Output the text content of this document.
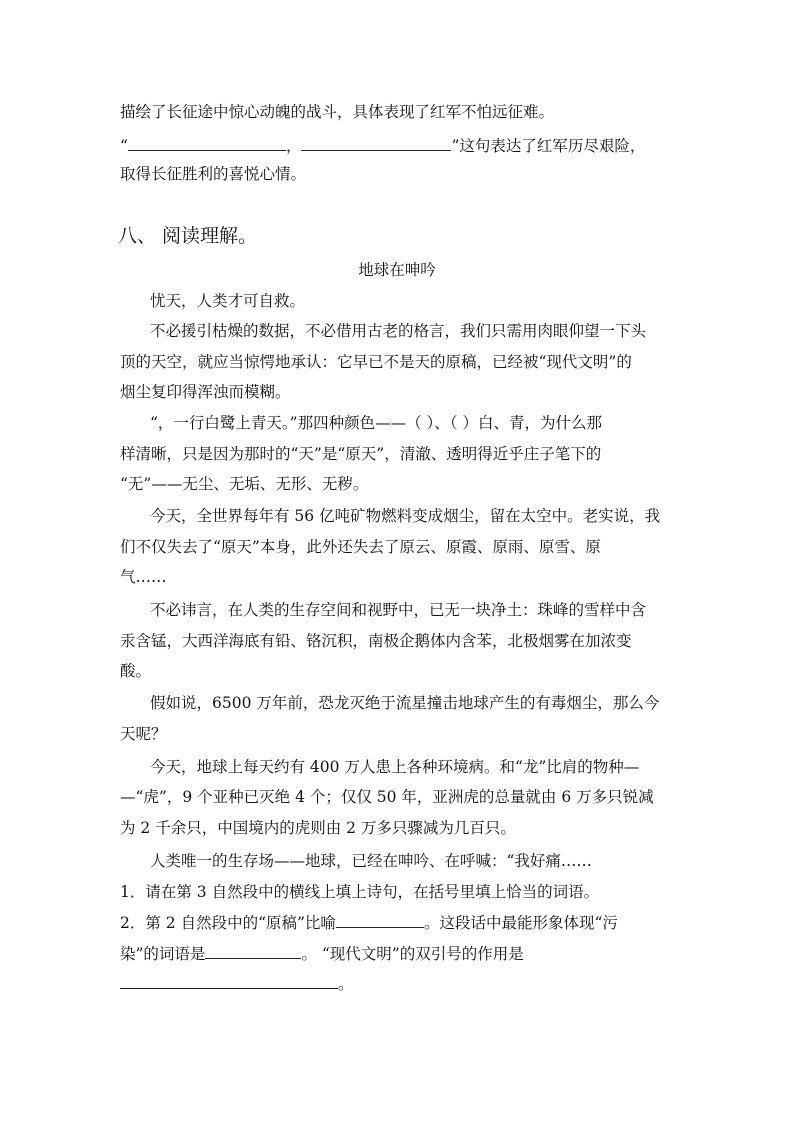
描绘了长征途中惊心动魄的战斗，具体表现了红军不怕远征难。
“	，	”这句表达了红军历尽艰险，
取得长征胜利的喜悦心情。
八、 阅读理解。
地球在呻吟
忧天，人类才可自救。
不必援引枯燥的数据，不必借用古老的格言，我们只需用肉眼仰望一下头
顶的天空，就应当惊愕地承认：它早已不是天的原稿，已经被“现代文明”的
烟尘复印得浑浊而模糊。
“，一行白鹭上青天。”那四种颜色——（ ）、（ ）白、青，为什么那
样清晰，只是因为那时的“天”是“原天”，清澈、透明得近乎庄子笔下的
“无”——无尘、无垢、无形、无秽。
今天，全世界每年有 56 亿吨矿物燃料变成烟尘，留在太空中。老实说，我
们不仅失去了“原天”本身，此外还失去了原云、原霞、原雨、原雪、原
气……
不必讳言，在人类的生存空间和视野中，已无一块净土：珠峰的雪样中含
汞含锰，大西洋海底有铅、铬沉积，南极企鹅体内含苯，北极烟雾在加浓变
酸。
假如说，6500 万年前，恐龙灭绝于流星撞击地球产生的有毒烟尘，那么今
天呢？
今天，地球上每天约有 400 万人患上各种环境病。和“龙”比肩的物种—
—“虎”，9 个亚种已灭绝 4 个；仅仅 50 年，亚洲虎的总量就由 6 万多只锐减
为 2 千余只，中国境内的虎则由 2 万多只骤减为几百只。
人类唯一的生存场——地球，已经在呻吟、在呼喊：“我好痛……
1．请在第 3 自然段中的横线上填上诗句，在括号里填上恰当的词语。
2．第 2 自然段中的“原稿”比喻	。这段话中最能形象体现“污
染”的词语是	。 “现代文明”的双引号的作用是
。
